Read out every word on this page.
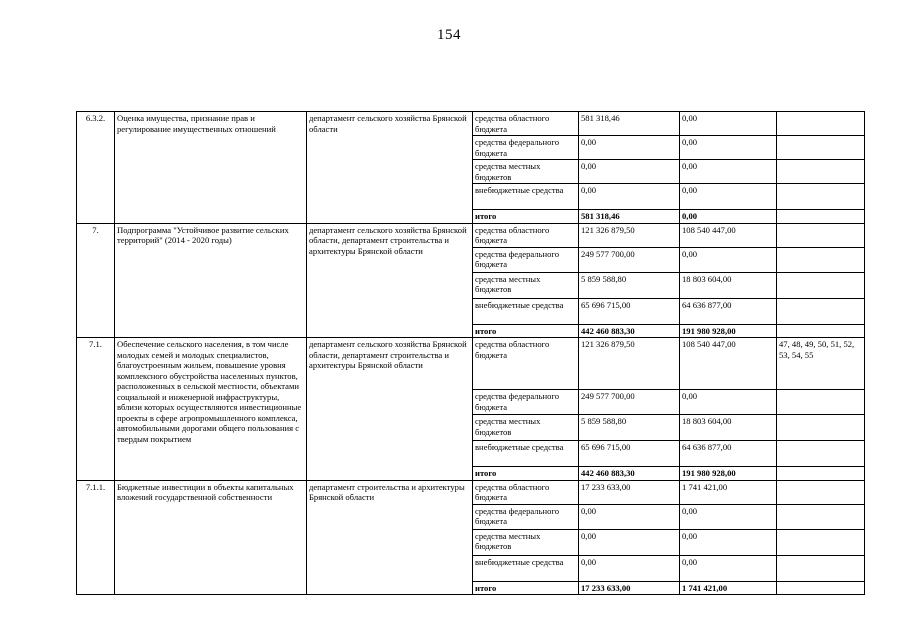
154
6.3.2.	Оценка имущества, признание прав и регулирование имущественных отношений	департамент сельского хозяйства Брянской области	средства областного бюджета	581 318,46	0,00	
			средства федерального бюджета	0,00	0,00	
			средства местных бюджетов	0,00	0,00	
			внебюджетные средства	0,00	0,00	
			итого	581 318,46	0,00	
7.	Подпрограмма "Устойчивое развитие сельских территорий" (2014 - 2020 годы)	департамент сельского хозяйства Брянской области, департамент строительства и архитектуры Брянской области	средства областного бюджета	121 326 879,50	108 540 447,00	
			средства федерального бюджета	249 577 700,00	0,00	
			средства местных бюджетов	5 859 588,80	18 803 604,00	
			внебюджетные средства	65 696 715,00	64 636 877,00	
			итого	442 460 883,30	191 980 928,00	
7.1.	Обеспечение сельского населения, в том числе молодых семей и молодых специалистов, благоустроенным жильем, повышение уровня комплексного обустройства населенных пунктов, расположенных в сельской местности, объектами социальной и инженерной инфраструктуры, вблизи которых осуществляются инвестиционные проекты в сфере агропромышленного комплекса, автомобильными дорогами общего пользования с твердым покрытием	департамент сельского хозяйства Брянской области, департамент строительства и архитектуры Брянской области	средства областного бюджета	121 326 879,50	108 540 447,00	47, 48, 49, 50, 51, 52, 53, 54, 55
			средства федерального бюджета	249 577 700,00	0,00	
			средства местных бюджетов	5 859 588,80	18 803 604,00	
			внебюджетные средства	65 696 715,00	64 636 877,00	
			итого	442 460 883,30	191 980 928,00	
7.1.1.	Бюджетные инвестиции в объекты капитальных вложений государственной собственности	департамент строительства и архитектуры Брянской области	средства областного бюджета	17 233 633,00	1 741 421,00	
			средства федерального бюджета	0,00	0,00	
			средства местных бюджетов	0,00	0,00	
			внебюджетные средства	0,00	0,00	
			итого	17 233 633,00	1 741 421,00	
